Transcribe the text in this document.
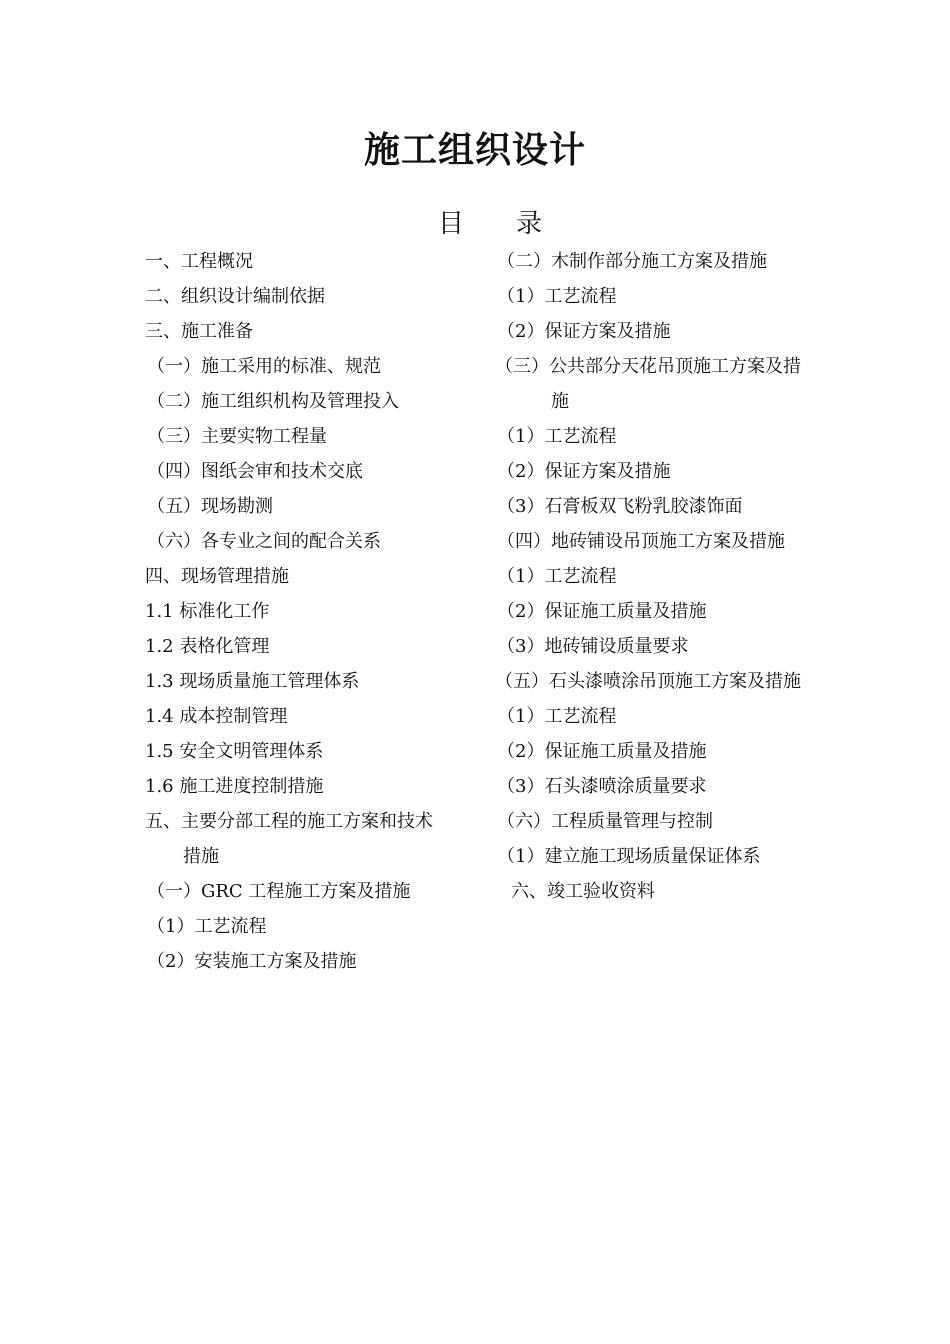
施工组织设计
目 录
一、工程概况
二、组织设计编制依据
三、施工准备
（一）施工采用的标准、规范
（二）施工组织机构及管理投入
（三）主要实物工程量
（四）图纸会审和技术交底
（五）现场勘测
（六）各专业之间的配合关系
四、现场管理措施
1.1 标准化工作
1.2 表格化管理
1.3 现场质量施工管理体系
1.4 成本控制管理
1.5 安全文明管理体系
1.6 施工进度控制措施
五、主要分部工程的施工方案和技术
措施
（一）GRC 工程施工方案及措施
（1）工艺流程
（2）安装施工方案及措施
（二）木制作部分施工方案及措施
（1）工艺流程
（2）保证方案及措施
（三）公共部分天花吊顶施工方案及措
施
（1）工艺流程
（2）保证方案及措施
（3）石膏板双飞粉乳胶漆饰面
（四）地砖铺设吊顶施工方案及措施
（1）工艺流程
（2）保证施工质量及措施
（3）地砖铺设质量要求
（五）石头漆喷涂吊顶施工方案及措施
（1）工艺流程
（2）保证施工质量及措施
（3）石头漆喷涂质量要求
（六）工程质量管理与控制
（1）建立施工现场质量保证体系
六、竣工验收资料
